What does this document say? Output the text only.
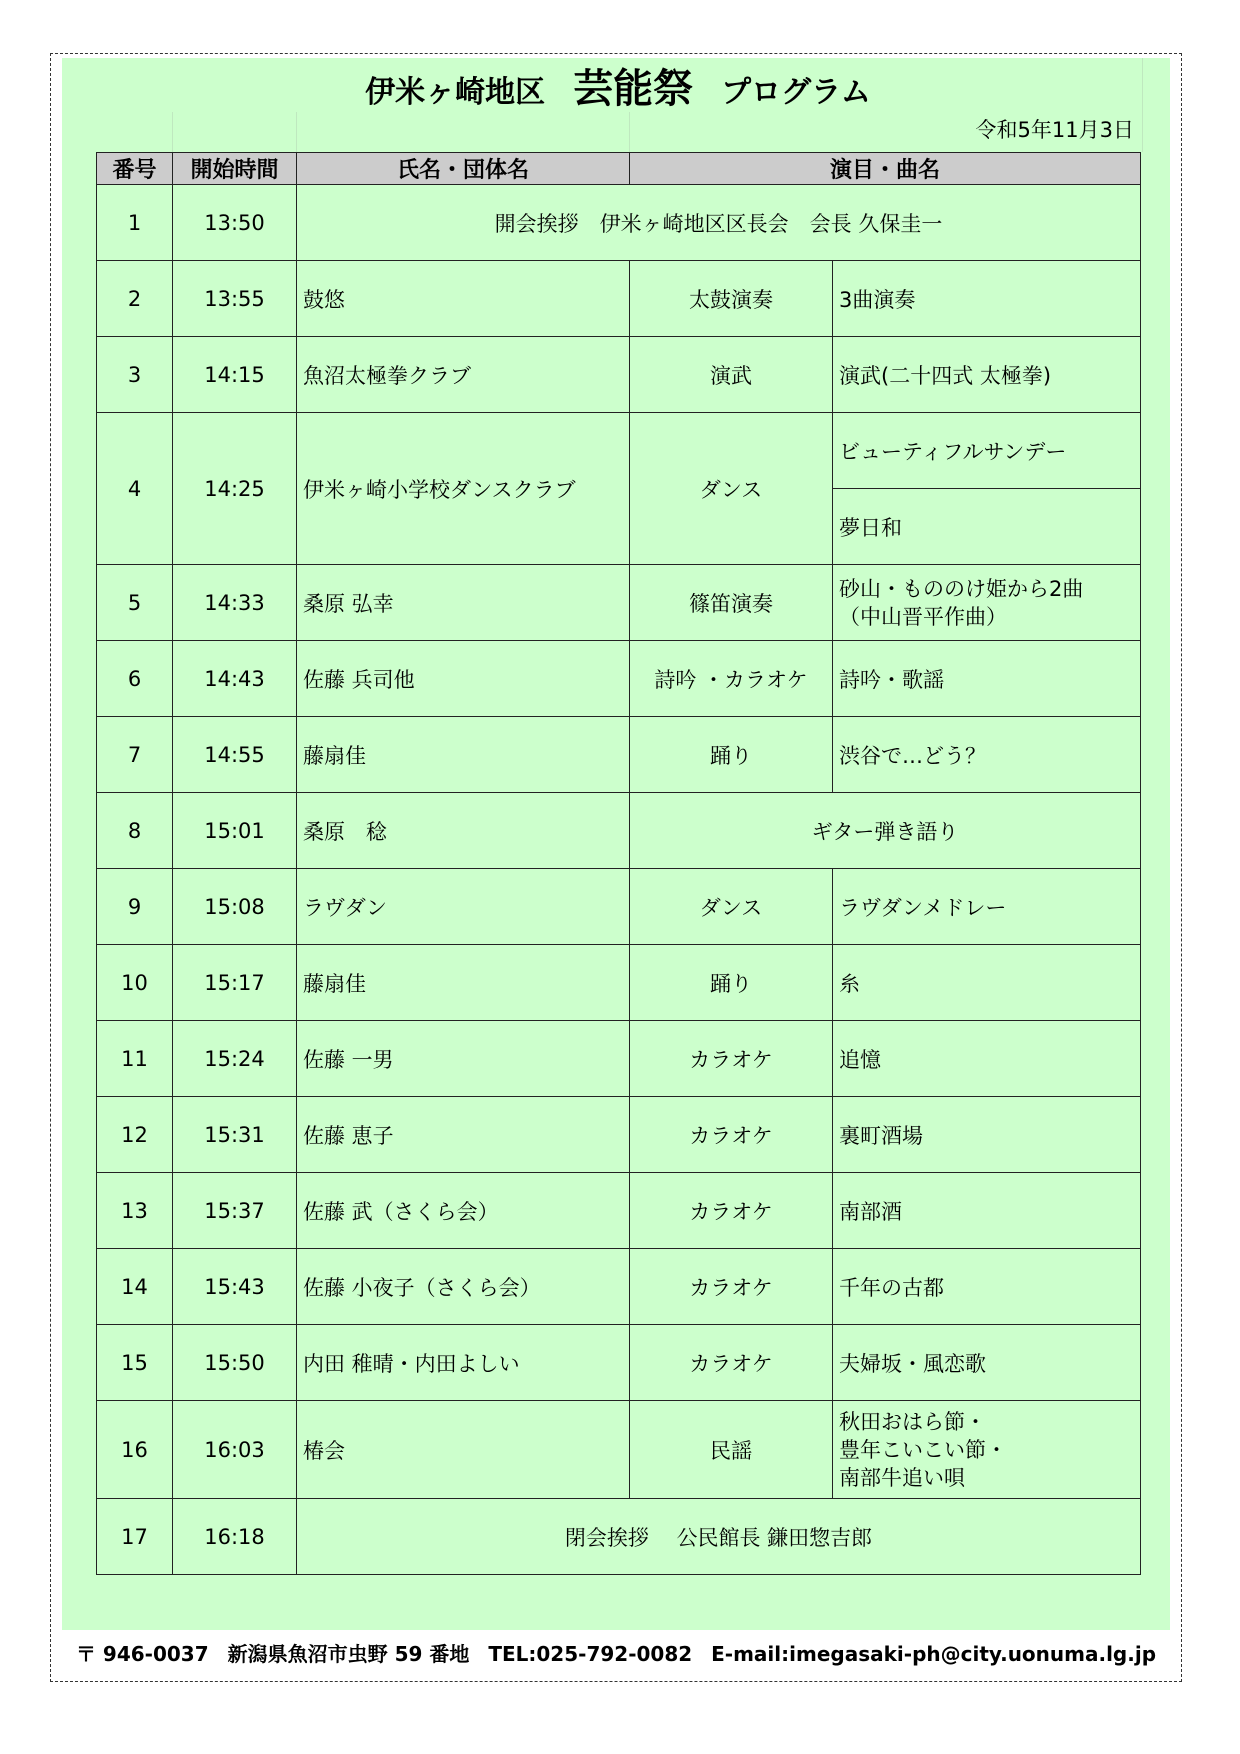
伊米ヶ崎地区 芸能祭 プログラム
令和5年11月3日
番号	開始時間	氏名・団体名	演目・曲名	
1	13:50	開会挨拶　伊米ヶ崎地区区長会　会長 久保圭一		
2	13:55	鼓悠	太鼓演奏	3曲演奏
3	14:15	魚沼太極拳クラブ	演武	演武(二十四式 太極拳)
4	14:25	伊米ヶ崎小学校ダンスクラブ	ダンス	ビューティフルサンデー
				夢日和
5	14:33	桑原 弘幸	篠笛演奏	砂山・もののけ姫から2曲
（中山晋平作曲）

6	14:43	佐藤 兵司他	詩吟 ・カラオケ	詩吟・歌謡
7	14:55	藤扇佳	踊り	渋谷で…どう？
8	15:01	桑原　稔	ギター弾き語り	
9	15:08	ラヴダン	ダンス	ラヴダンメドレー
10	15:17	藤扇佳	踊り	糸
11	15:24	佐藤 一男	カラオケ	追憶
12	15:31	佐藤 恵子	カラオケ	裏町酒場
13	15:37	佐藤 武（さくら会）	カラオケ	南部酒
14	15:43	佐藤 小夜子（さくら会）	カラオケ	千年の古都
15	15:50	内田 稚晴・内田よしい	カラオケ	夫婦坂・風恋歌
16	16:03	椿会	民謡	秋田おはら節・
豊年こいこい節・
南部牛追い唄

17	16:18	閉会挨拶　 公民館長 鎌田惣吉郎		
〒 946-0037 新潟県魚沼市虫野 59 番地 TEL:025-792-0082 E-mail:imegasaki-ph@city.uonuma.lg.jp
